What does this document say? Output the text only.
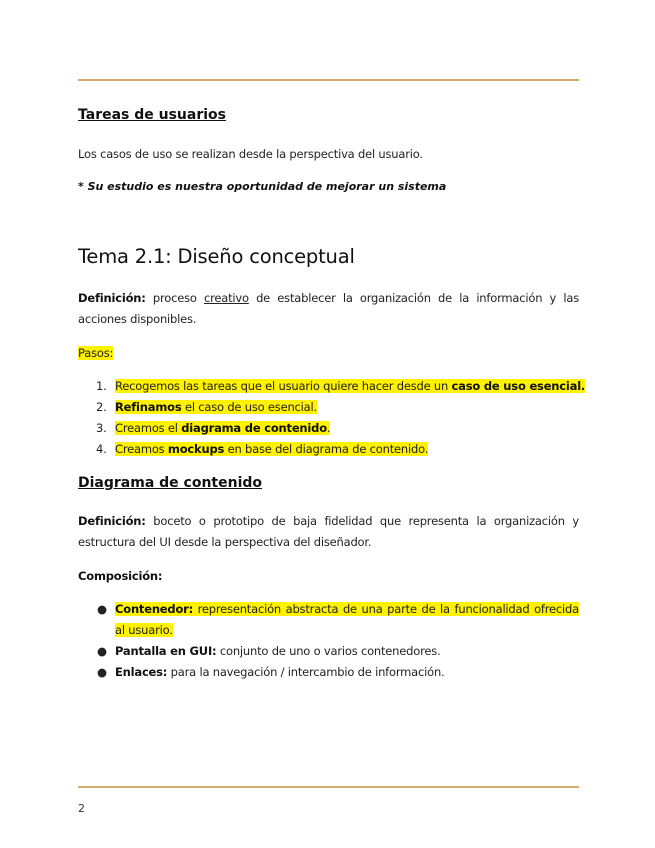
Tareas de usuarios

Los casos de uso se realizan desde la perspectiva del usuario.

* Su estudio es nuestra oportunidad de mejorar un sistema

Tema 2.1: Diseño conceptual

Definición: proceso creativo de establecer la organización de la información y las acciones disponibles.

Pasos:

1. Recogemos las tareas que el usuario quiere hacer desde un caso de uso esencial.
2. Refinamos el caso de uso esencial.
3. Creamos el diagrama de contenido.
4. Creamos mockups en base del diagrama de contenido.

Diagrama de contenido

Definición: boceto o prototipo de baja fidelidad que representa la organización y estructura del UI desde la perspectiva del diseñador.

Composición:

● Contenedor: representación abstracta de una parte de la funcionalidad ofrecida al usuario.
● Pantalla en GUI: conjunto de uno o varios contenedores.
● Enlaces: para la navegación / intercambio de información.
2
